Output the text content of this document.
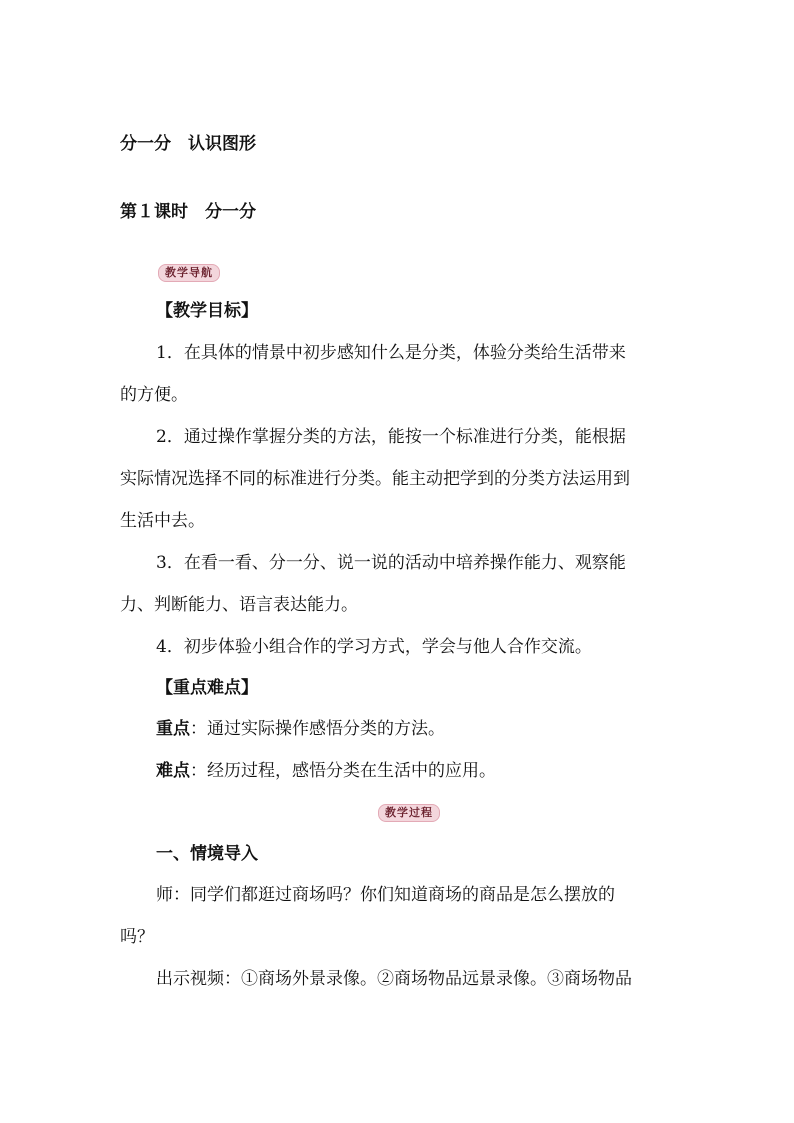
分一分　认识图形
第１课时　分一分
教学导航
【教学目标】
1．在具体的情景中初步感知什么是分类，体验分类给生活带来
的方便。
2．通过操作掌握分类的方法，能按一个标准进行分类，能根据
实际情况选择不同的标准进行分类。能主动把学到的分类方法运用到
生活中去。
3．在看一看、分一分、说一说的活动中培养操作能力、观察能
力、判断能力、语言表达能力。
4．初步体验小组合作的学习方式，学会与他人合作交流。
【重点难点】
重点：通过实际操作感悟分类的方法。
难点：经历过程，感悟分类在生活中的应用。
教学过程
一、情境导入
师：同学们都逛过商场吗？你们知道商场的商品是怎么摆放的
吗？
出示视频：①商场外景录像。②商场物品远景录像。③商场物品
